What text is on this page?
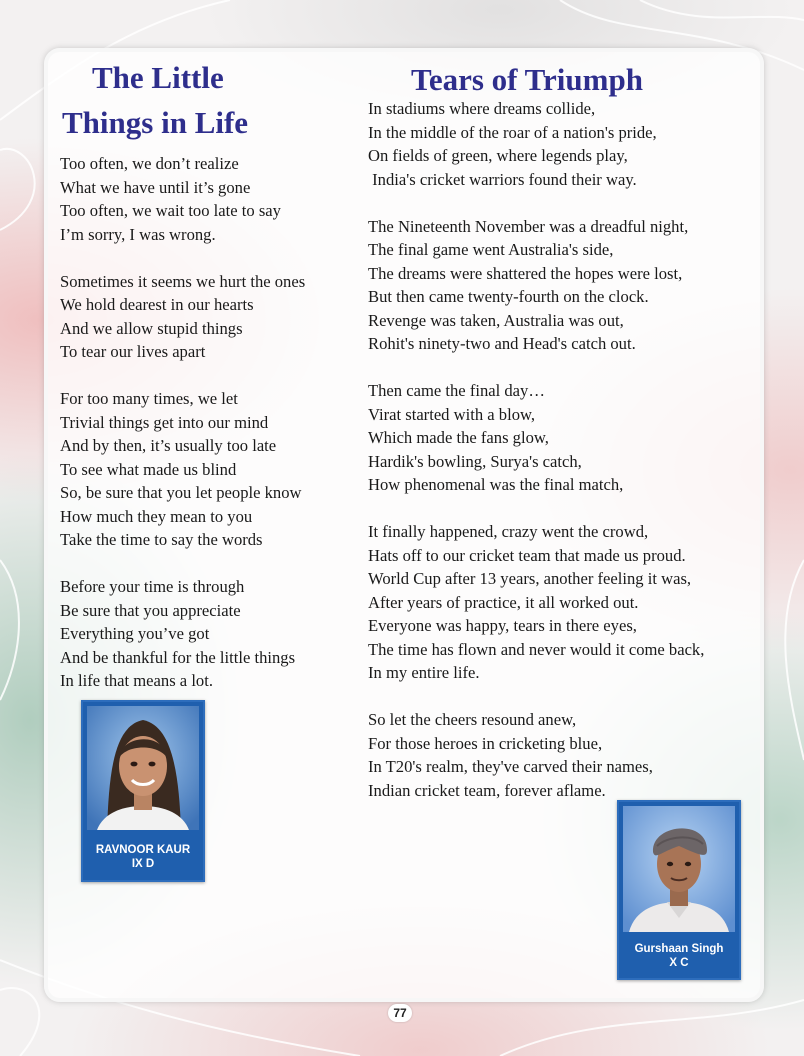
The Little
Things in Life
Too often, we don’t realize
What we have until it’s gone
Too often, we wait too late to say
I’m sorry, I was wrong.
Sometimes it seems we hurt the ones
We hold dearest in our hearts
And we allow stupid things
To tear our lives apart
For too many times, we let
Trivial things get into our mind
And by then, it’s usually too late
To see what made us blind
So, be sure that you let people know
How much they mean to you
Take the time to say the words
Before your time is through
Be sure that you appreciate
Everything you’ve got
And be thankful for the little things
In life that means a lot.
RAVNOOR KAUR
IX D
Tears of Triumph
In stadiums where dreams collide,
In the middle of the roar of a nation's pride,
On fields of green, where legends play,
India's cricket warriors found their way.
The Nineteenth November was a dreadful night,
The final game went Australia's side,
The dreams were shattered the hopes were lost,
But then came twenty-fourth on the clock.
Revenge was taken, Australia was out,
Rohit's ninety-two and Head's catch out.
Then came the final day…
Virat started with a blow,
Which made the fans glow,
Hardik's bowling, Surya's catch,
How phenomenal was the final match,
It finally happened, crazy went the crowd,
Hats off to our cricket team that made us proud.
World Cup after 13 years, another feeling it was,
After years of practice, it all worked out.
Everyone was happy, tears in there eyes,
The time has flown and never would it come back,
In my entire life.
So let the cheers resound anew,
For those heroes in cricketing blue,
In T20's realm, they've carved their names,
Indian cricket team, forever aflame.
Gurshaan Singh
X C
77
